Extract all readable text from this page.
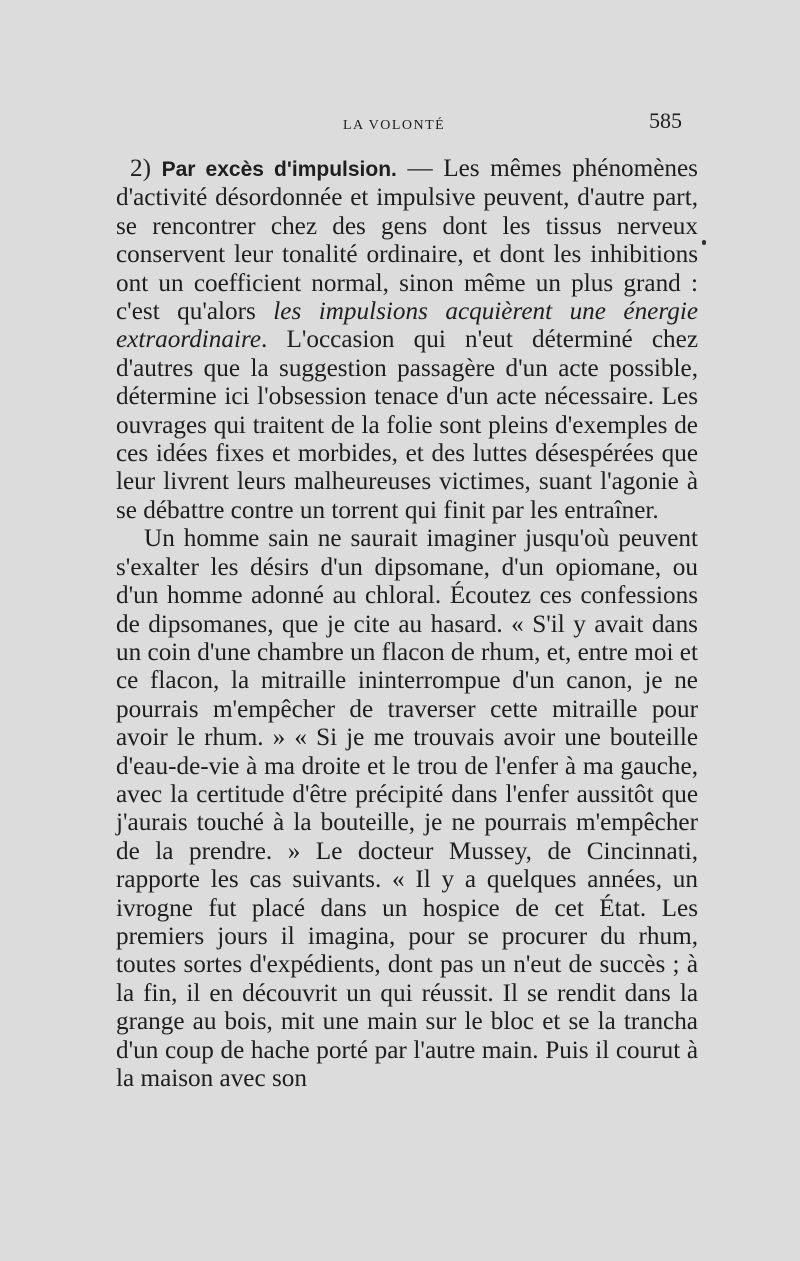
LA VOLONTÉ	585

2) Par excès d'impulsion. — Les mêmes phénomènes d'activité désordonnée et impulsive peuvent, d'autre part, se rencontrer chez des gens dont les tissus nerveux conservent leur tonalité ordinaire, et dont les inhibitions ont un coefficient normal, sinon même un plus grand : c'est qu'alors les impulsions acquièrent une énergie extraordinaire. L'occasion qui n'eut déterminé chez d'autres que la suggestion passagère d'un acte possible, détermine ici l'obsession tenace d'un acte nécessaire. Les ouvrages qui traitent de la folie sont pleins d'exemples de ces idées fixes et morbides, et des luttes désespérées que leur livrent leurs malheureuses victimes, suant l'agonie à se débattre contre un torrent qui finit par les entraîner.

Un homme sain ne saurait imaginer jusqu'où peuvent s'exalter les désirs d'un dipsomane, d'un opiomane, ou d'un homme adonné au chloral. Écoutez ces confessions de dipsomanes, que je cite au hasard. « S'il y avait dans un coin d'une chambre un flacon de rhum, et, entre moi et ce flacon, la mitraille ininterrompue d'un canon, je ne pourrais m'empêcher de traverser cette mitraille pour avoir le rhum. » « Si je me trouvais avoir une bouteille d'eau-de-vie à ma droite et le trou de l'enfer à ma gauche, avec la certitude d'être précipité dans l'enfer aussitôt que j'aurais touché à la bouteille, je ne pourrais m'empêcher de la prendre. » Le docteur Mussey, de Cincinnati, rapporte les cas suivants. « Il y a quelques années, un ivrogne fut placé dans un hospice de cet État. Les premiers jours il imagina, pour se procurer du rhum, toutes sortes d'expédients, dont pas un n'eut de succès ; à la fin, il en découvrit un qui réussit. Il se rendit dans la grange au bois, mit une main sur le bloc et se la trancha d'un coup de hache porté par l'autre main. Puis il courut à la maison avec son
